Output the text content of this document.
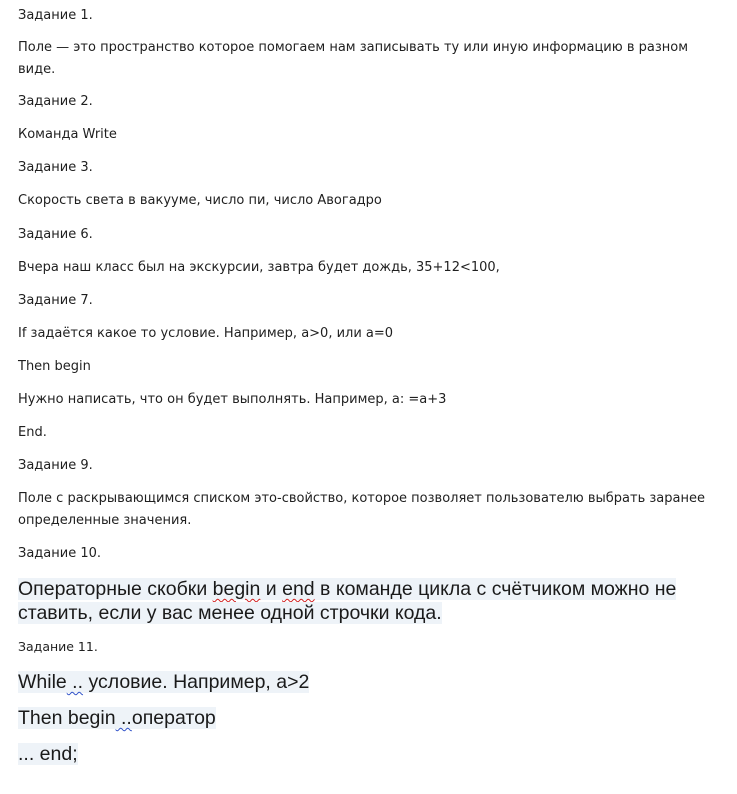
Задание 1.

Поле — это пространство которое помогаем нам записывать ту или иную информацию в разном виде.

Задание 2.

Команда Write

Задание 3.

Скорость света в вакууме, число пи, число Авогадро

Задание 6.

Вчера наш класс был на экскурсии, завтра будет дождь, 35+12<100,

Задание 7.

If задаётся какое то условие. Например, a>0, или a=0

Then begin

Нужно написать, что он будет выполнять. Например, a: =a+3

End.

Задание 9.

Поле с раскрывающимся списком это-свойство, которое позволяет пользователю выбрать заранее определенные значения.

Задание 10.

Операторные скобки begin и end в команде цикла с счётчиком можно не
ставить, если у вас менее одной строчки кода.

Задание 11.

While .. условие. Например, a>2
Then begin ..оператор
... end;
